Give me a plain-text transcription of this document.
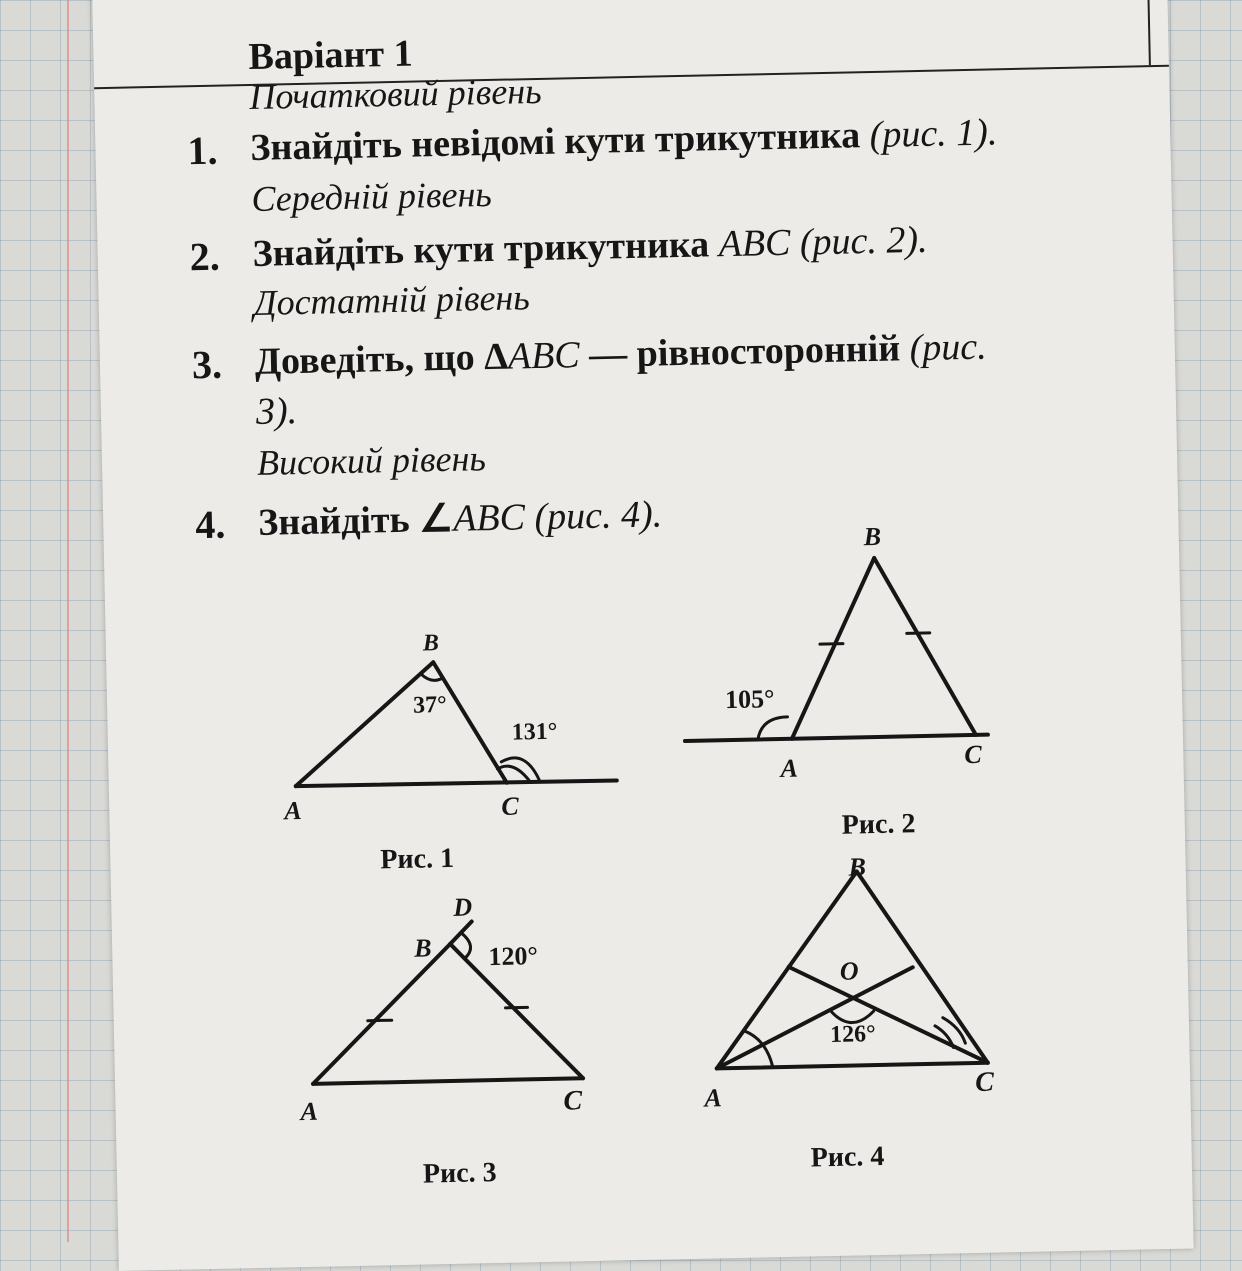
Варіант 1
Початковий рівень
1. Знайдіть невідомі кути трикутника (рис. 1).
Середній рівень
2. Знайдіть кути трикутника ABC (рис. 2).
Достатній рівень
3. Доведіть, що ΔABC — рівносторонній (рис.
3).
Високий рівень
4. Знайдіть ∠ABC (рис. 4).
B
A	C
37°
131°
Рис. 1
B
A	C
105°
Рис. 2
D
B
A	C
120°
Рис. 3
B
O
126°
A	C
Рис. 4
